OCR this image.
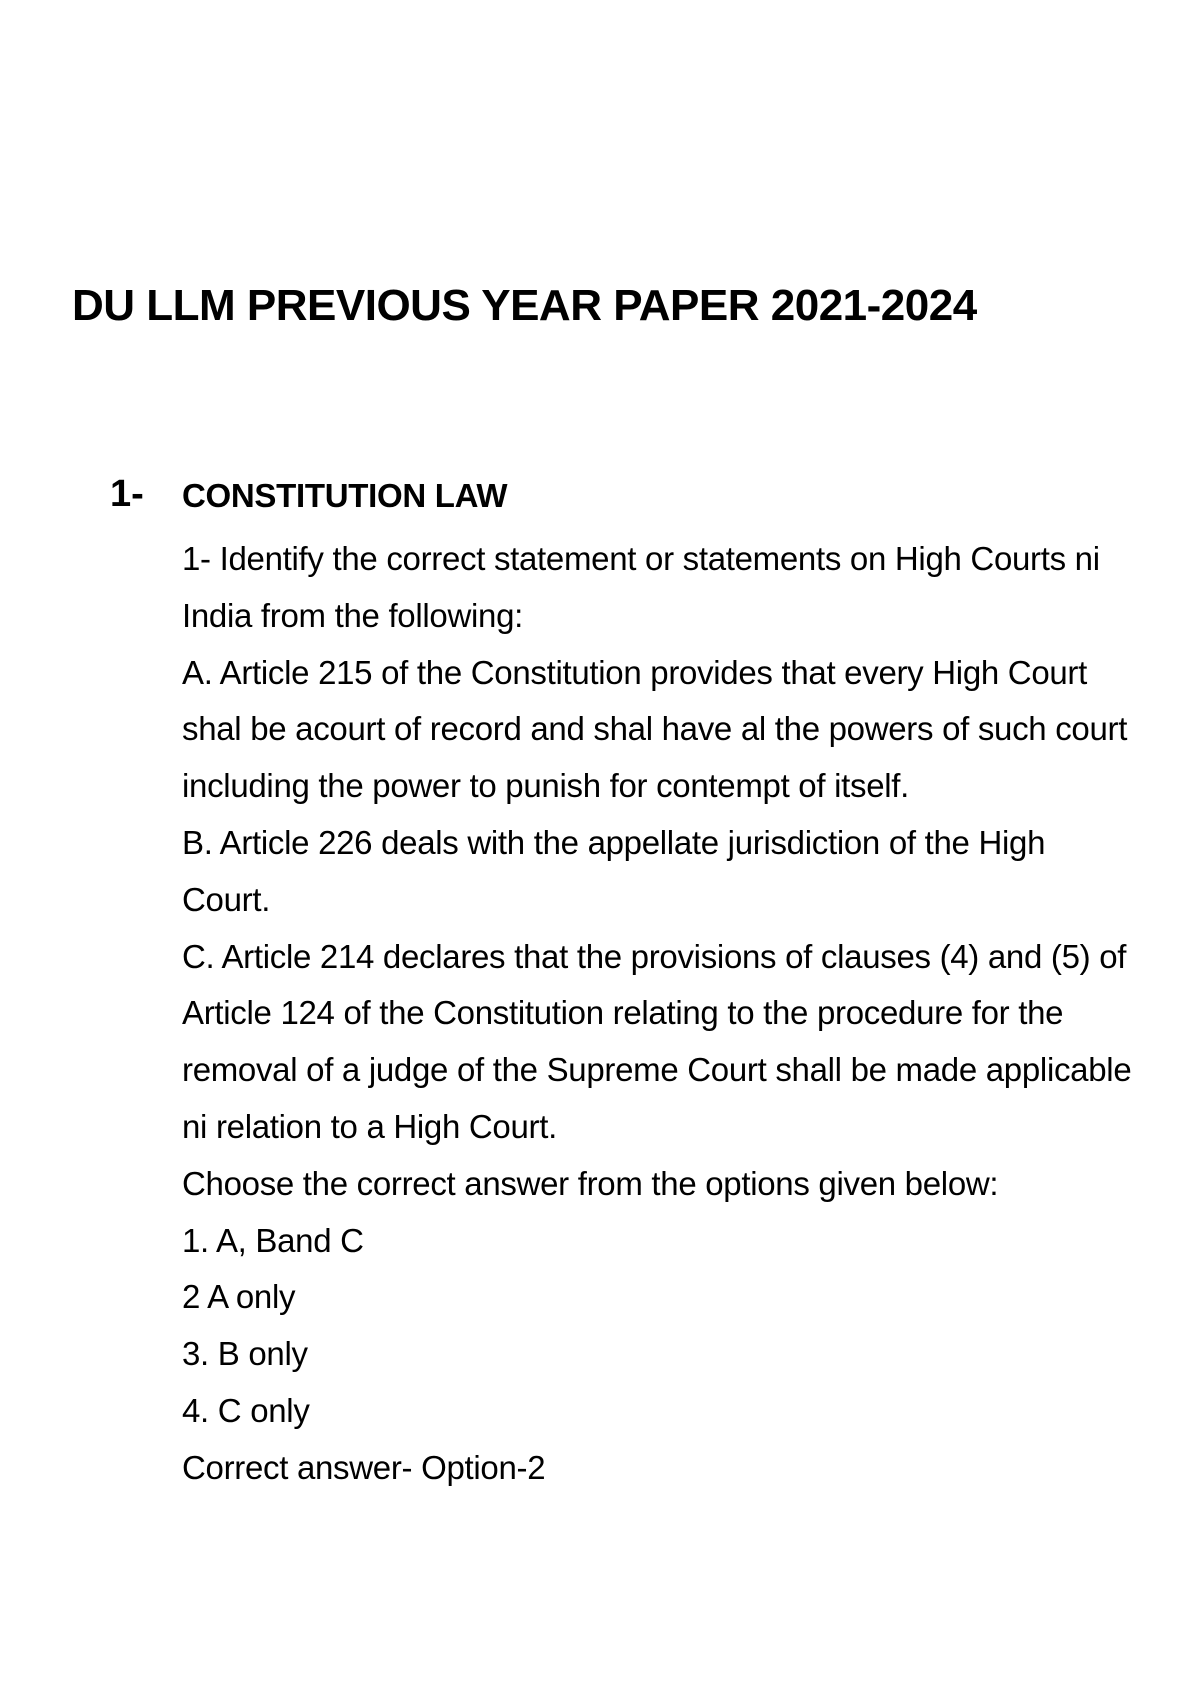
DU LLM PREVIOUS YEAR PAPER 2021-2024
1- CONSTITUTION LAW

1- Identify the correct statement or statements on High Courts ni India from the following:

A. Article 215 of the Constitution provides that every High Court shal be acourt of record and shal have al the powers of such court including the power to punish for contempt of itself.

B. Article 226 deals with the appellate jurisdiction of the High Court.

C. Article 214 declares that the provisions of clauses (4) and (5) of Article 124 of the Constitution relating to the procedure for the removal of a judge of the Supreme Court shall be made applicable ni relation to a High Court.

Choose the correct answer from the options given below:

1. A, Band C
2 A only
3. B only
4. C only

Correct answer- Option-2
